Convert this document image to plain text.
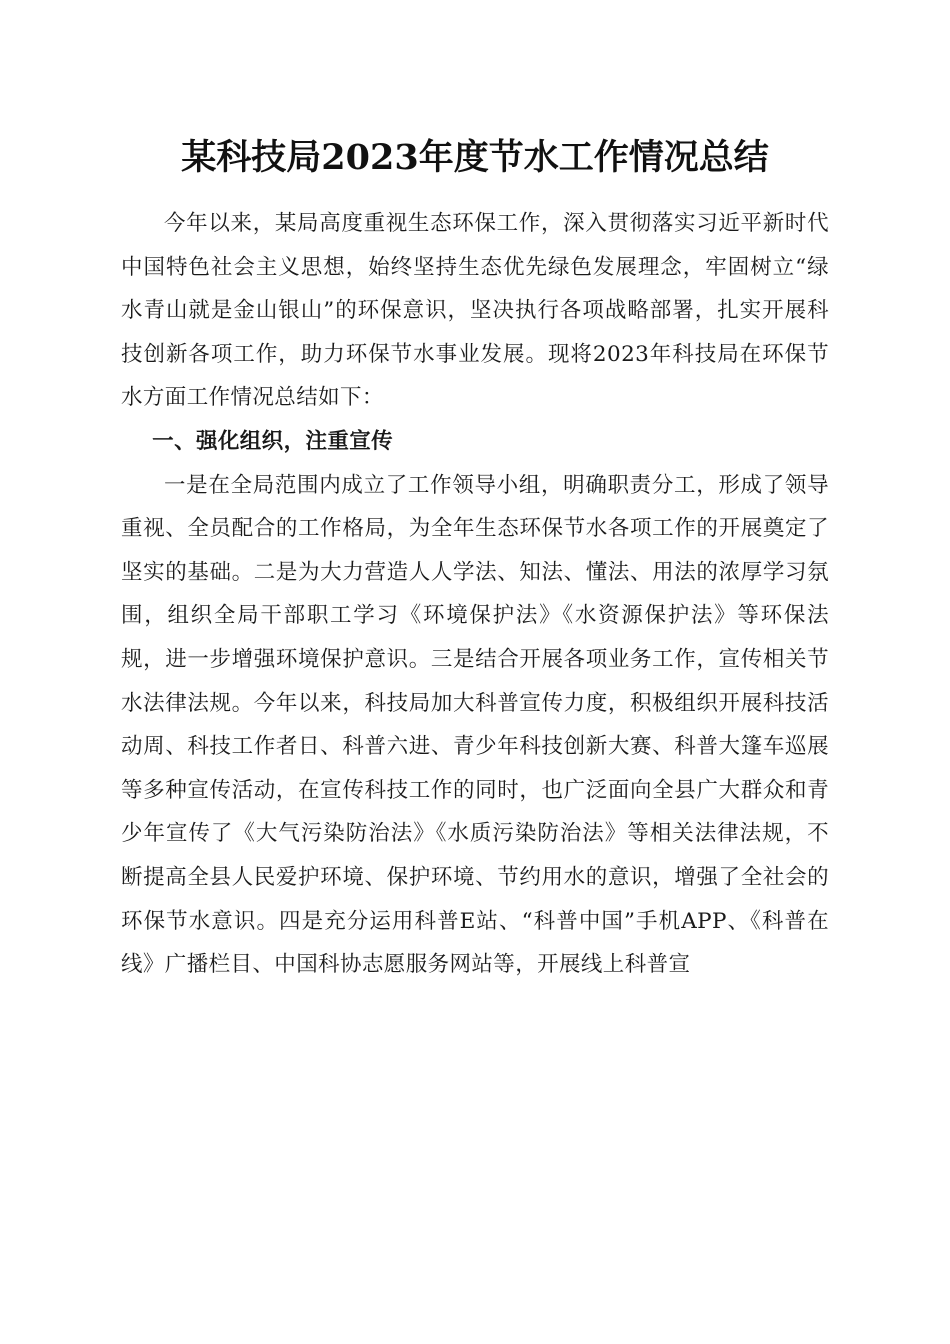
某科技局2023年度节水工作情况总结

今年以来，某局高度重视生态环保工作，深入贯彻落实习近平新时代中国特色社会主义思想，始终坚持生态优先绿色发展理念，牢固树立“绿水青山就是金山银山”的环保意识，坚决执行各项战略部署，扎实开展科技创新各项工作，助力环保节水事业发展。现将2023年科技局在环保节水方面工作情况总结如下：

一、强化组织，注重宣传

一是在全局范围内成立了工作领导小组，明确职责分工，形成了领导重视、全员配合的工作格局，为全年生态环保节水各项工作的开展奠定了坚实的基础。二是为大力营造人人学法、知法、懂法、用法的浓厚学习氛围，组织全局干部职工学习《环境保护法》《水资源保护法》等环保法规，进一步增强环境保护意识。三是结合开展各项业务工作，宣传相关节水法律法规。今年以来，科技局加大科普宣传力度，积极组织开展科技活动周、科技工作者日、科普六进、青少年科技创新大赛、科普大篷车巡展等多种宣传活动，在宣传科技工作的同时，也广泛面向全县广大群众和青少年宣传了《大气污染防治法》《水质污染防治法》等相关法律法规，不断提高全县人民爱护环境、保护环境、节约用水的意识，增强了全社会的环保节水意识。四是充分运用科普E站、“科普中国”手机APP、《科普在线》广播栏目、中国科协志愿服务网站等，开展线上科普宣
